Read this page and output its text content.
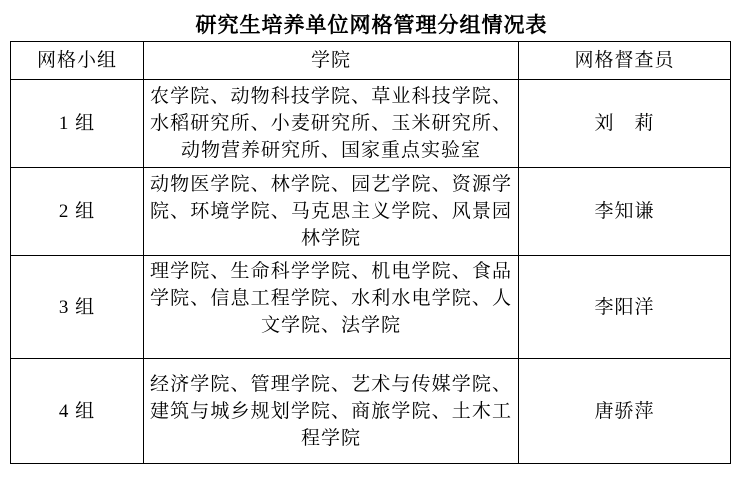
研究生培养单位网格管理分组情况表
网格小组	学院	网格督查员
1 组	农学院、动物科技学院、草业科技学院、水稻研究所、小麦研究所、玉米研究所、动物营养研究所、国家重点实验室	刘　莉
2 组	动物医学院、林学院、园艺学院、资源学院、环境学院、马克思主义学院、风景园林学院	李知谦
3 组	理学院、生命科学学院、机电学院、食品学院、信息工程学院、水利水电学院、人文学院、法学院	李阳洋
4 组	经济学院、管理学院、艺术与传媒学院、建筑与城乡规划学院、商旅学院、土木工程学院	唐骄萍
